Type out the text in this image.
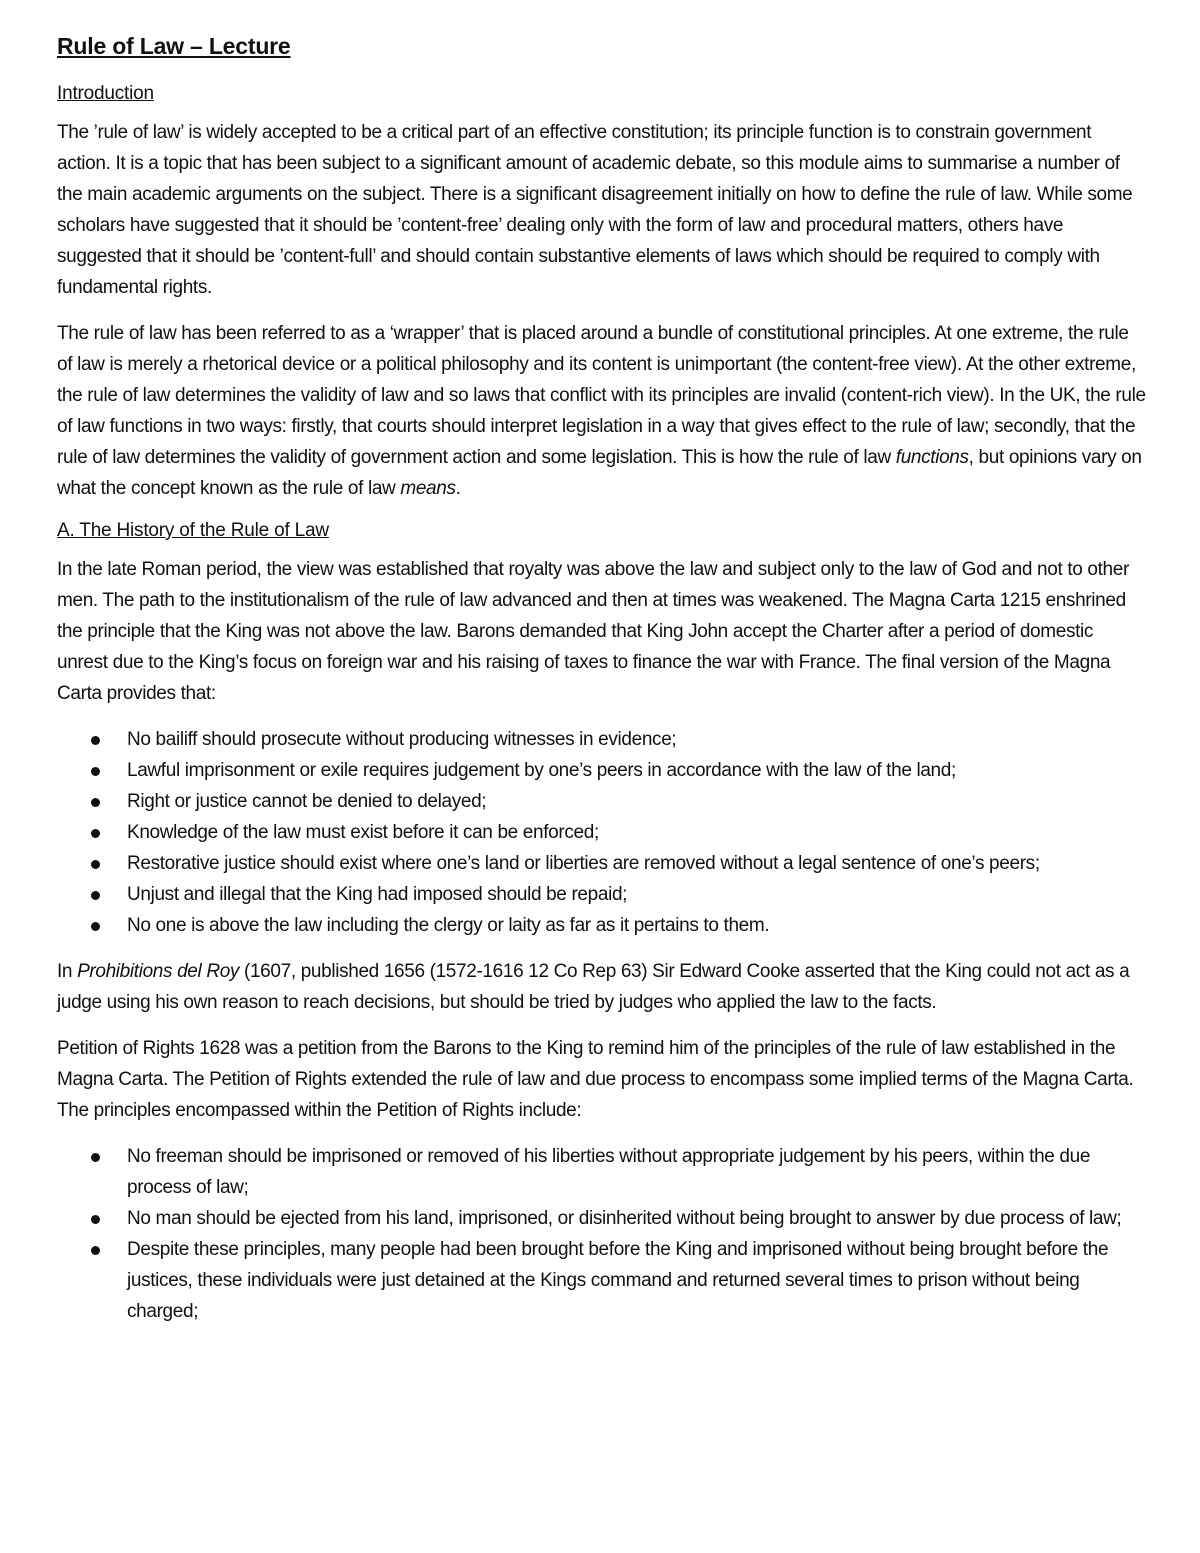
Rule of Law – Lecture
Introduction

The ’rule of law’ is widely accepted to be a critical part of an effective constitution; its principle function is to constrain government action. It is a topic that has been subject to a significant amount of academic debate, so this module aims to summarise a number of the main academic arguments on the subject. There is a significant disagreement initially on how to define the rule of law. While some scholars have suggested that it should be ’content-free’ dealing only with the form of law and procedural matters, others have suggested that it should be ’content-full’ and should contain substantive elements of laws which should be required to comply with fundamental rights.

The rule of law has been referred to as a ‘wrapper’ that is placed around a bundle of constitutional principles. At one extreme, the rule of law is merely a rhetorical device or a political philosophy and its content is unimportant (the content-free view). At the other extreme, the rule of law determines the validity of law and so laws that conflict with its principles are invalid (content-rich view). In the UK, the rule of law functions in two ways: firstly, that courts should interpret legislation in a way that gives effect to the rule of law; secondly, that the rule of law determines the validity of government action and some legislation. This is how the rule of law functions, but opinions vary on what the concept known as the rule of law means.

A. The History of the Rule of Law

In the late Roman period, the view was established that royalty was above the law and subject only to the law of God and not to other men. The path to the institutionalism of the rule of law advanced and then at times was weakened. The Magna Carta 1215 enshrined the principle that the King was not above the law. Barons demanded that King John accept the Charter after a period of domestic unrest due to the King’s focus on foreign war and his raising of taxes to finance the war with France. The final version of the Magna Carta provides that:

No bailiff should prosecute without producing witnesses in evidence;
Lawful imprisonment or exile requires judgement by one’s peers in accordance with the law of the land;
Right or justice cannot be denied to delayed;
Knowledge of the law must exist before it can be enforced;
Restorative justice should exist where one’s land or liberties are removed without a legal sentence of one’s peers;
Unjust and illegal that the King had imposed should be repaid;
No one is above the law including the clergy or laity as far as it pertains to them.

In Prohibitions del Roy (1607, published 1656 (1572-1616 12 Co Rep 63) Sir Edward Cooke asserted that the King could not act as a judge using his own reason to reach decisions, but should be tried by judges who applied the law to the facts.

Petition of Rights 1628 was a petition from the Barons to the King to remind him of the principles of the rule of law established in the Magna Carta. The Petition of Rights extended the rule of law and due process to encompass some implied terms of the Magna Carta. The principles encompassed within the Petition of Rights include:

No freeman should be imprisoned or removed of his liberties without appropriate judgement by his peers, within the due process of law;
No man should be ejected from his land, imprisoned, or disinherited without being brought to answer by due process of law;
Despite these principles, many people had been brought before the King and imprisoned without being brought before the justices, these individuals were just detained at the Kings command and returned several times to prison without being charged;
